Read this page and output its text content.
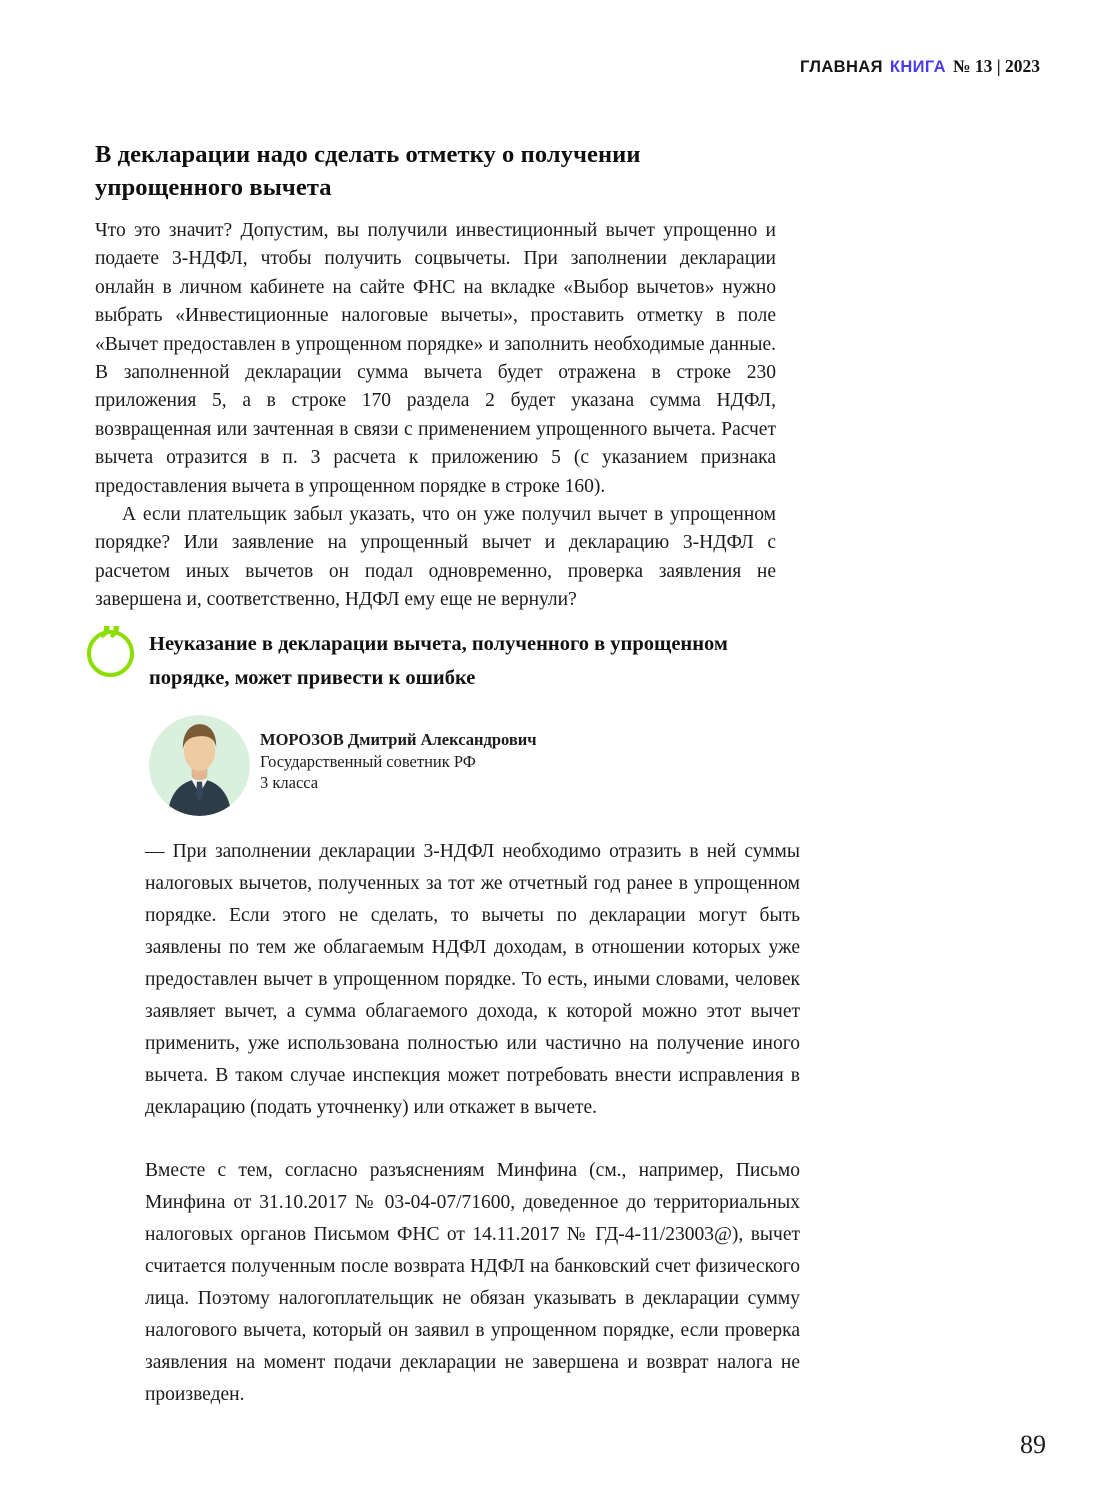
ГЛАВНАЯ КНИГА № 13 | 2023
В декларации надо сделать отметку о получении упрощенного вычета

Что это значит? Допустим, вы получили инвестиционный вычет упрощенно и подаете 3-НДФЛ, чтобы получить соцвычеты. При заполнении декларации онлайн в личном кабинете на сайте ФНС на вкладке «Выбор вычетов» нужно выбрать «Инвестиционные налоговые вычеты», проставить отметку в поле «Вычет предоставлен в упрощенном порядке» и заполнить необходимые данные. В заполненной декларации сумма вычета будет отражена в строке 230 приложения 5, а в строке 170 раздела 2 будет указана сумма НДФЛ, возвращенная или зачтенная в связи с применением упрощенного вычета. Расчет вычета отразится в п. 3 расчета к приложению 5 (с указанием признака предоставления вычета в упрощенном порядке в строке 160).

А если плательщик забыл указать, что он уже получил вычет в упрощенном порядке? Или заявление на упрощенный вычет и декларацию 3-НДФЛ с расчетом иных вычетов он подал одновременно, проверка заявления не завершена и, соответственно, НДФЛ ему еще не вернули?

” Неуказание в декларации вычета, полученного в упрощенном порядке, может привести к ошибке
МОРОЗОВ Дмитрий Александрович
Государственный советник РФ
3 класса

— При заполнении декларации 3-НДФЛ необходимо отразить в ней суммы налоговых вычетов, полученных за тот же отчетный год ранее в упрощенном порядке. Если этого не сделать, то вычеты по декларации могут быть заявлены по тем же облагаемым НДФЛ доходам, в отношении которых уже предоставлен вычет в упрощенном порядке. То есть, иными словами, человек заявляет вычет, а сумма облагаемого дохода, к которой можно этот вычет применить, уже использована полностью или частично на получение иного вычета. В таком случае инспекция может потребовать внести исправления в декларацию (подать уточненку) или откажет в вычете.

Вместе с тем, согласно разъяснениям Минфина (см., например, Письмо Минфина от 31.10.2017 № 03-04-07/71600, доведенное до территориальных налоговых органов Письмом ФНС от 14.11.2017 № ГД-4-11/23003@), вычет считается полученным после возврата НДФЛ на банковский счет физического лица. Поэтому налогоплательщик не обязан указывать в декларации сумму налогового вычета, который он заявил в упрощенном порядке, если проверка заявления на момент подачи декларации не завершена и возврат налога не произведен.

89
